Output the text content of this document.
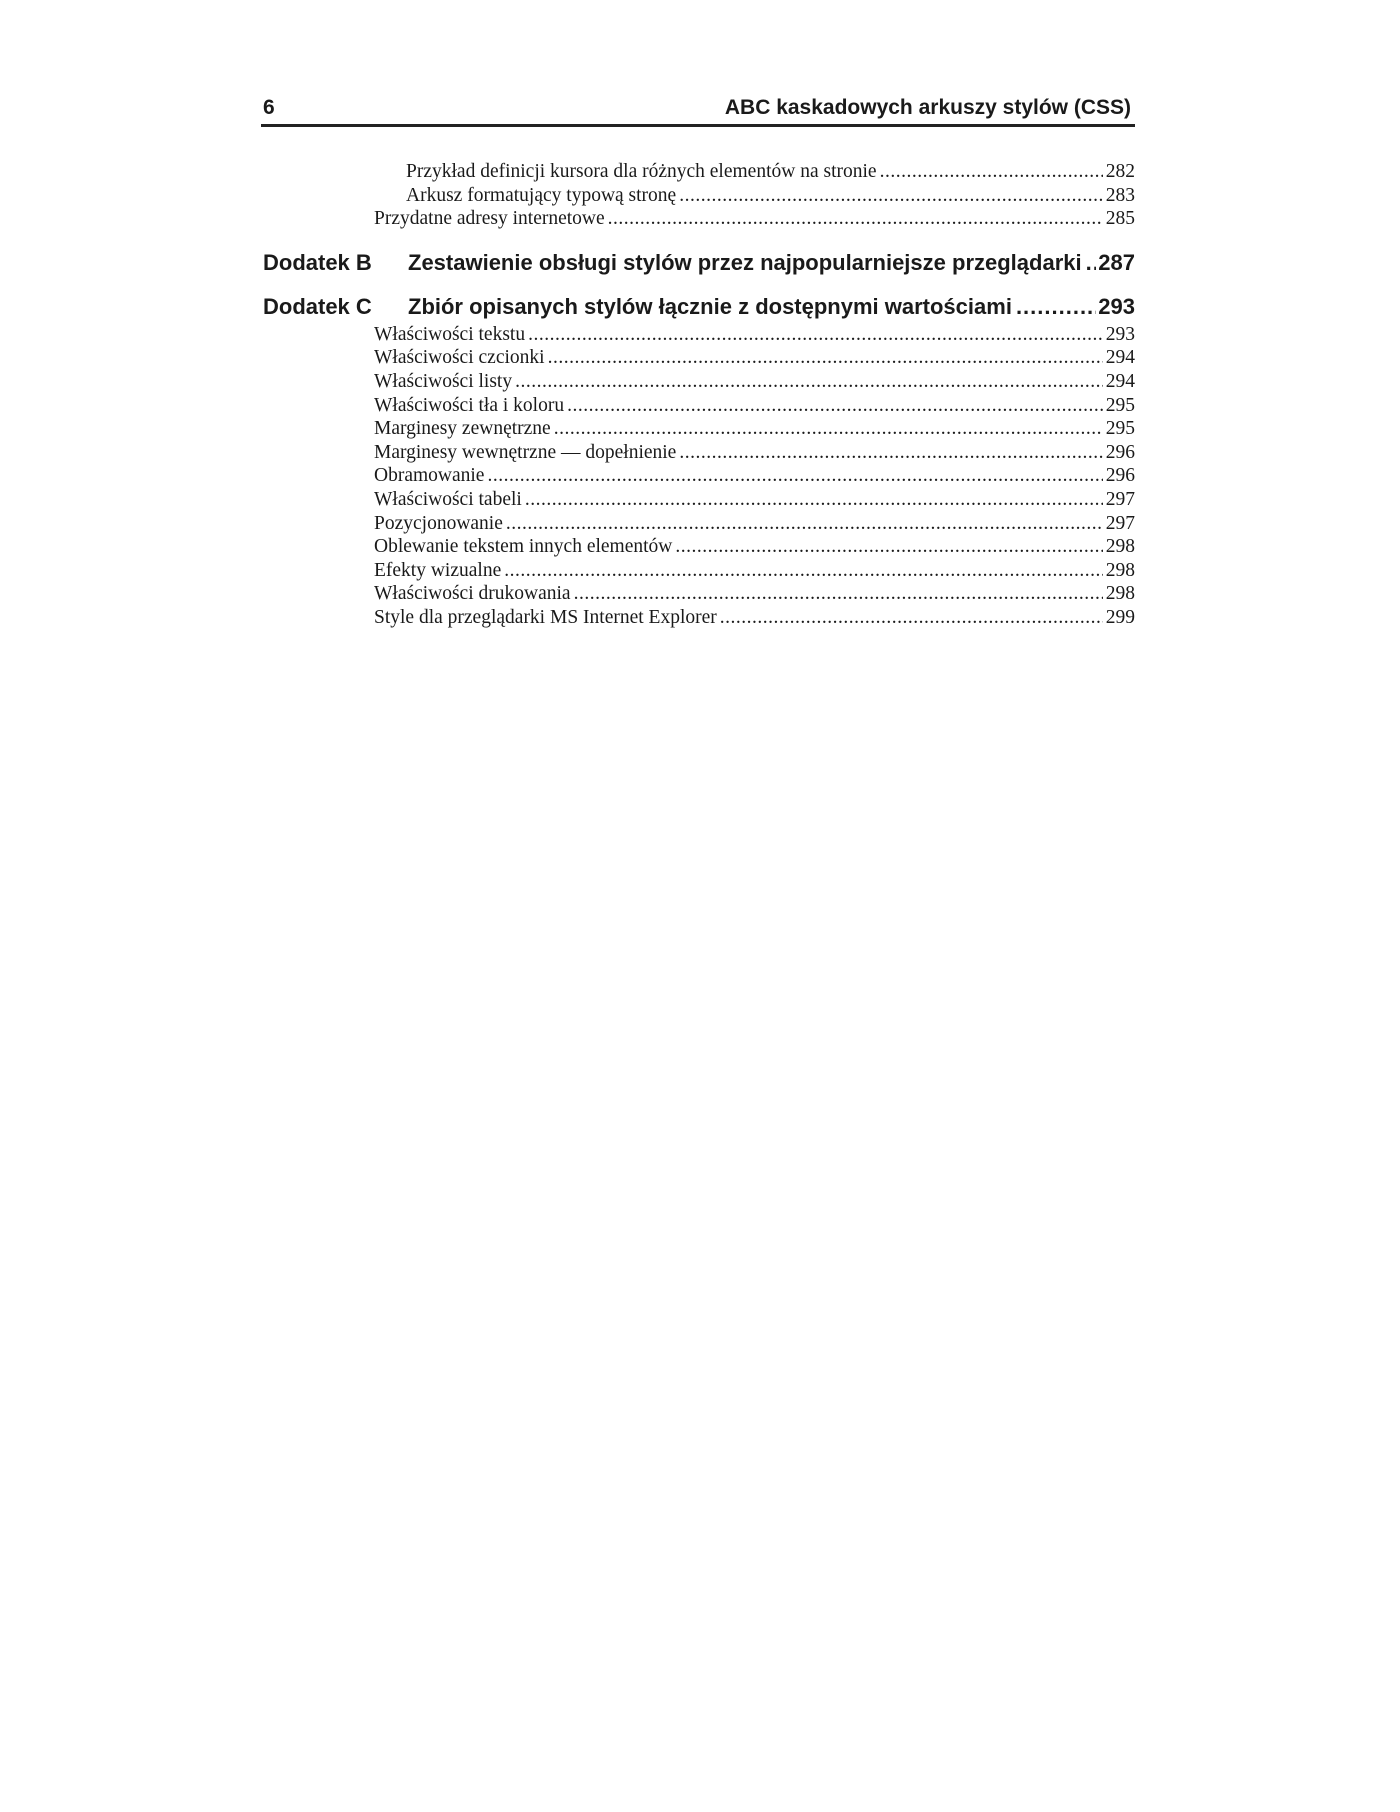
6	ABC kaskadowych arkuszy stylów (CSS)
Przykład definicji kursora dla różnych elementów na stronie .....	282
Arkusz formatujący typową stronę .....	283
Przydatne adresy internetowe .....	285
Dodatek B	Zestawienie obsługi stylów przez najpopularniejsze przeglądarki ..... 287
Dodatek C	Zbiór opisanych stylów łącznie z dostępnymi wartościami .....	293
Właściwości tekstu .....	293
Właściwości czcionki .....	294
Właściwości listy .....	294
Właściwości tła i koloru .....	295
Marginesy zewnętrzne .....	295
Marginesy wewnętrzne — dopełnienie .....	296
Obramowanie .....	296
Właściwości tabeli .....	297
Pozycjonowanie .....	297
Oblewanie tekstem innych elementów .....	298
Efekty wizualne .....	298
Właściwości drukowania .....	298
Style dla przeglądarki MS Internet Explorer .....	299
